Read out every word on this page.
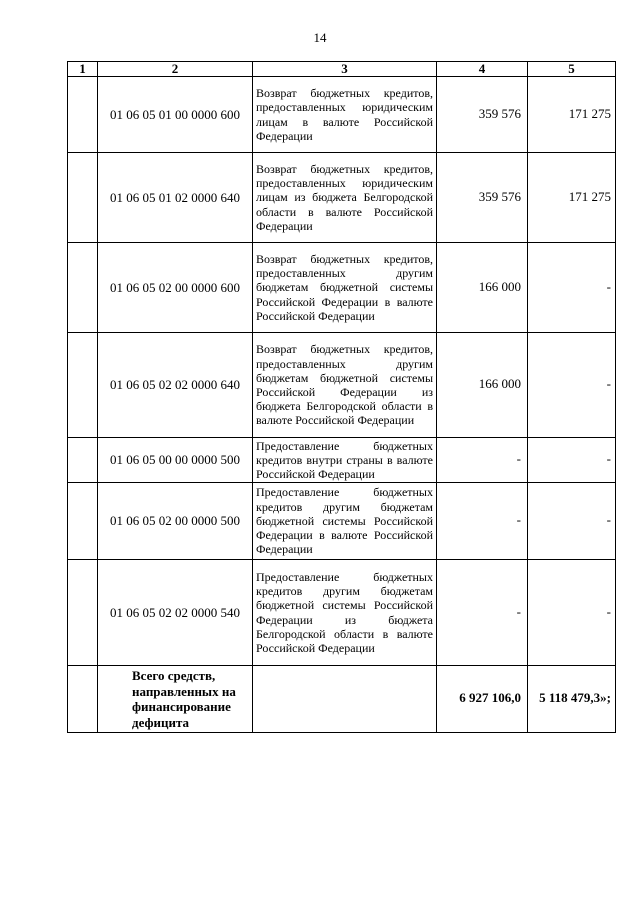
14
1	2	3	4	5
	01 06 05 01 00 0000 600	Возврат бюджетных кредитов, предоставленных юридическим лицам в валюте Российской Федерации	359 576	171 275
	01 06 05 01 02 0000 640	Возврат бюджетных кредитов, предоставленных юридическим лицам из бюджета Белгородской области в валюте Российской Федерации	359 576	171 275
	01 06 05 02 00 0000 600	Возврат бюджетных кредитов, предоставленных другим бюджетам бюджетной системы Российской Федерации в валюте Российской Федерации	166 000	-
	01 06 05 02 02 0000 640	Возврат бюджетных кредитов, предоставленных другим бюджетам бюджетной системы Российской Федерации из бюджета Белгородской области в валюте Российской Федерации	166 000	-
	01 06 05 00 00 0000 500	Предоставление бюджетных кредитов внутри страны в валюте Российской Федерации	-	-
	01 06 05 02 00 0000 500	Предоставление бюджетных кредитов другим бюджетам бюджетной системы Российской Федерации в валюте Российской Федерации	-	-
	01 06 05 02 02 0000 540	Предоставление бюджетных кредитов другим бюджетам бюджетной системы Российской Федерации из бюджета Белгородской области в валюте Российской Федерации	-	-
	Всего средств, направленных на финансирование дефицита		6 927 106,0	5 118 479,3»;
